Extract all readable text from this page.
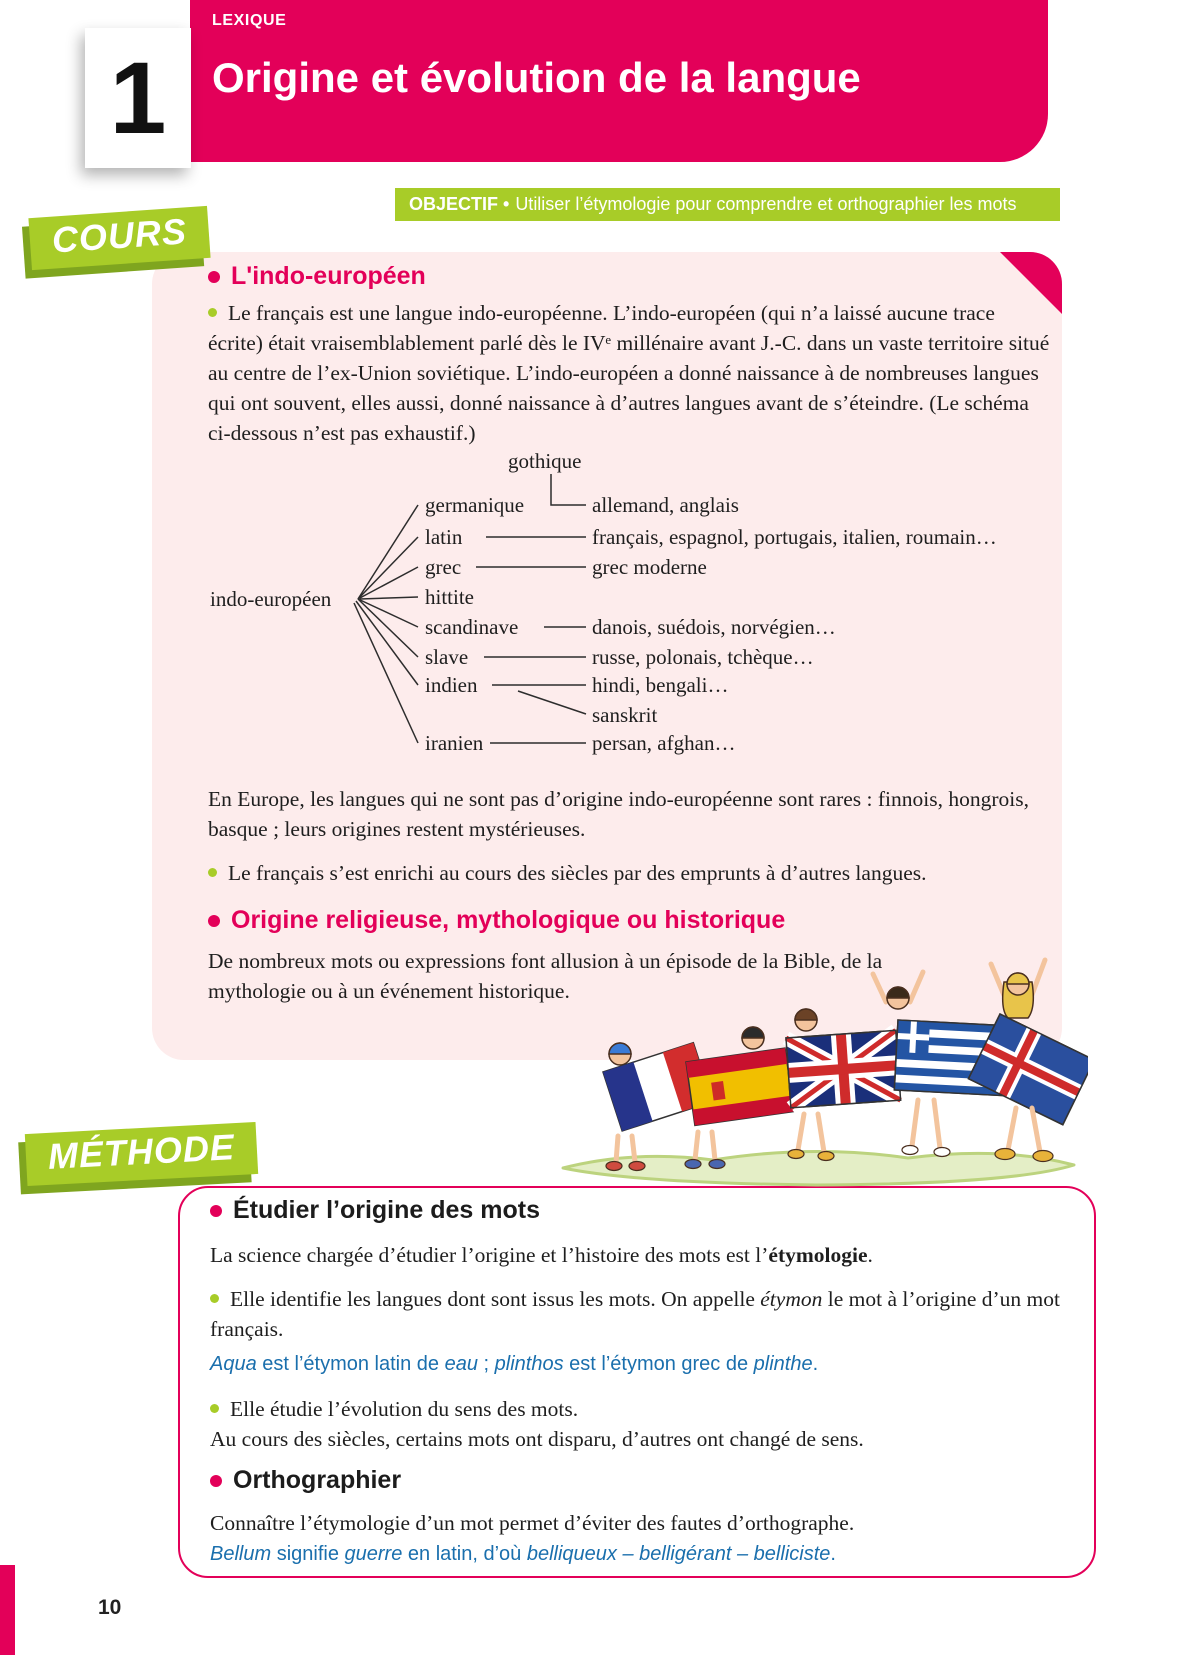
LEXIQUE
Origine et évolution de la langue
1
OBJECTIF • Utiliser l’étymologie pour comprendre et orthographier les mots
COURS
L'indo-européen

Le français est une langue indo-européenne. L’indo-européen (qui n’a laissé aucune trace écrite) était vraisemblablement parlé dès le IVᵉ millénaire avant J.-C. dans un vaste territoire situé au centre de l’ex-Union soviétique. L’indo-européen a donné naissance à de nombreuses langues qui ont souvent, elles aussi, donné naissance à d’autres langues avant de s’éteindre. (Le schéma ci-dessous n’est pas exhaustif.)

gothique
indo-européen
germanique	allemand, anglais
latin	français, espagnol, portugais, italien, roumain…
grec	grec moderne
hittite
scandinave	danois, suédois, norvégien…
slave	russe, polonais, tchèque…
indien	hindi, bengali…
sanskrit
iranien	persan, afghan…

En Europe, les langues qui ne sont pas d’origine indo-européenne sont rares : finnois, hongrois, basque ; leurs origines restent mystérieuses.

Le français s’est enrichi au cours des siècles par des emprunts à d’autres langues.

Origine religieuse, mythologique ou historique

De nombreux mots ou expressions font allusion à un épisode de la Bible, de la mythologie ou à un événement historique.

MÉTHODE
Étudier l’origine des mots

La science chargée d’étudier l’origine et l’histoire des mots est l’étymologie.

Elle identifie les langues dont sont issus les mots. On appelle étymon le mot à l’origine d’un mot français.

Aqua est l’étymon latin de eau ; plinthos est l’étymon grec de plinthe.

Elle étudie l’évolution du sens des mots.

Au cours des siècles, certains mots ont disparu, d’autres ont changé de sens.

Orthographier

Connaître l’étymologie d’un mot permet d’éviter des fautes d’orthographe.

Bellum signifie guerre en latin, d’où belliqueux – belligérant – belliciste.

10
